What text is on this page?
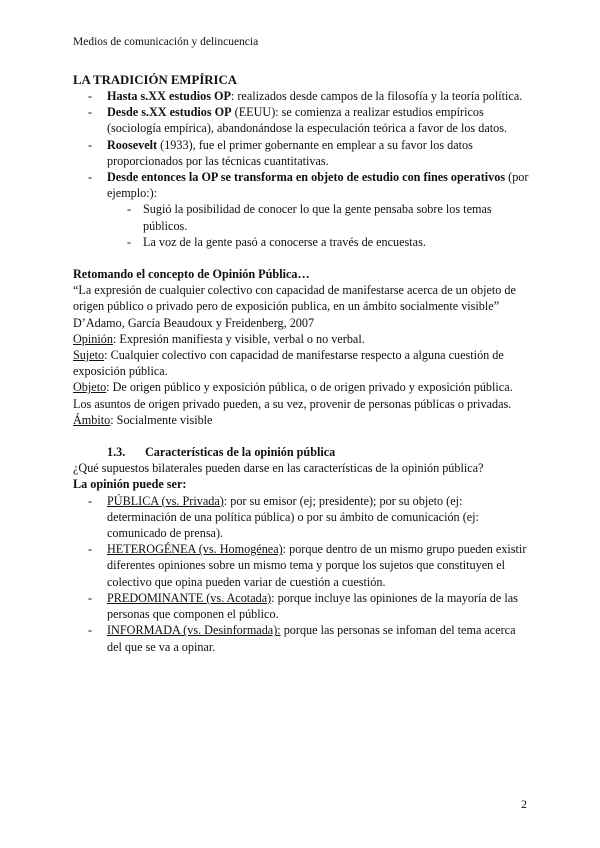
Medios de comunicación y delincuencia

LA TRADICIÓN EMPÍRICA

- Hasta s.XX estudios OP: realizados desde campos de la filosofía y la teoría política.
- Desde s.XX estudios OP (EEUU): se comienza a realizar estudios empíricos (sociología empírica), abandonándose la especulación teórica a favor de los datos.
- Roosevelt (1933), fue el primer gobernante en emplear a su favor los datos proporcionados por las técnicas cuantitativas.
- Desde entonces la OP se transforma en objeto de estudio con fines operativos (por ejemplo:):
- Sugió la posibilidad de conocer lo que la gente pensaba sobre los temas públicos.
- La voz de la gente pasó a conocerse a través de encuestas.

Retomando el concepto de Opinión Pública…

“La expresión de cualquier colectivo con capacidad de manifestarse acerca de un objeto de origen público o privado pero de exposición publica, en un ámbito socialmente visible”

D’Adamo, García Beaudoux y Freidenberg, 2007

Opinión: Expresión manifiesta y visible, verbal o no verbal.

Sujeto: Cualquier colectivo con capacidad de manifestarse respecto a alguna cuestión de exposición pública.

Objeto: De origen público y exposición pública, o de origen privado y exposición pública. Los asuntos de origen privado pueden, a su vez, provenir de personas públicas o privadas.

Ámbito: Socialmente visible

1.3. Características de la opinión pública

¿Qué supuestos bilaterales pueden darse en las características de la opinión pública?

La opinión puede ser:

- PÚBLICA (vs. Privada): por su emisor (ej; presidente); por su objeto (ej: determinación de una política pública) o por su ámbito de comunicación (ej: comunicado de prensa).
- HETEROGÉNEA (vs. Homogénea): porque dentro de un mismo grupo pueden existir diferentes opiniones sobre un mismo tema y porque los sujetos que constituyen el colectivo que opina pueden variar de cuestión a cuestión.
- PREDOMINANTE (vs. Acotada): porque incluye las opiniones de la mayoría de las personas que componen el público.
- INFORMADA (vs. Desinformada): porque las personas se infoman del tema acerca del que se va a opinar.
2
